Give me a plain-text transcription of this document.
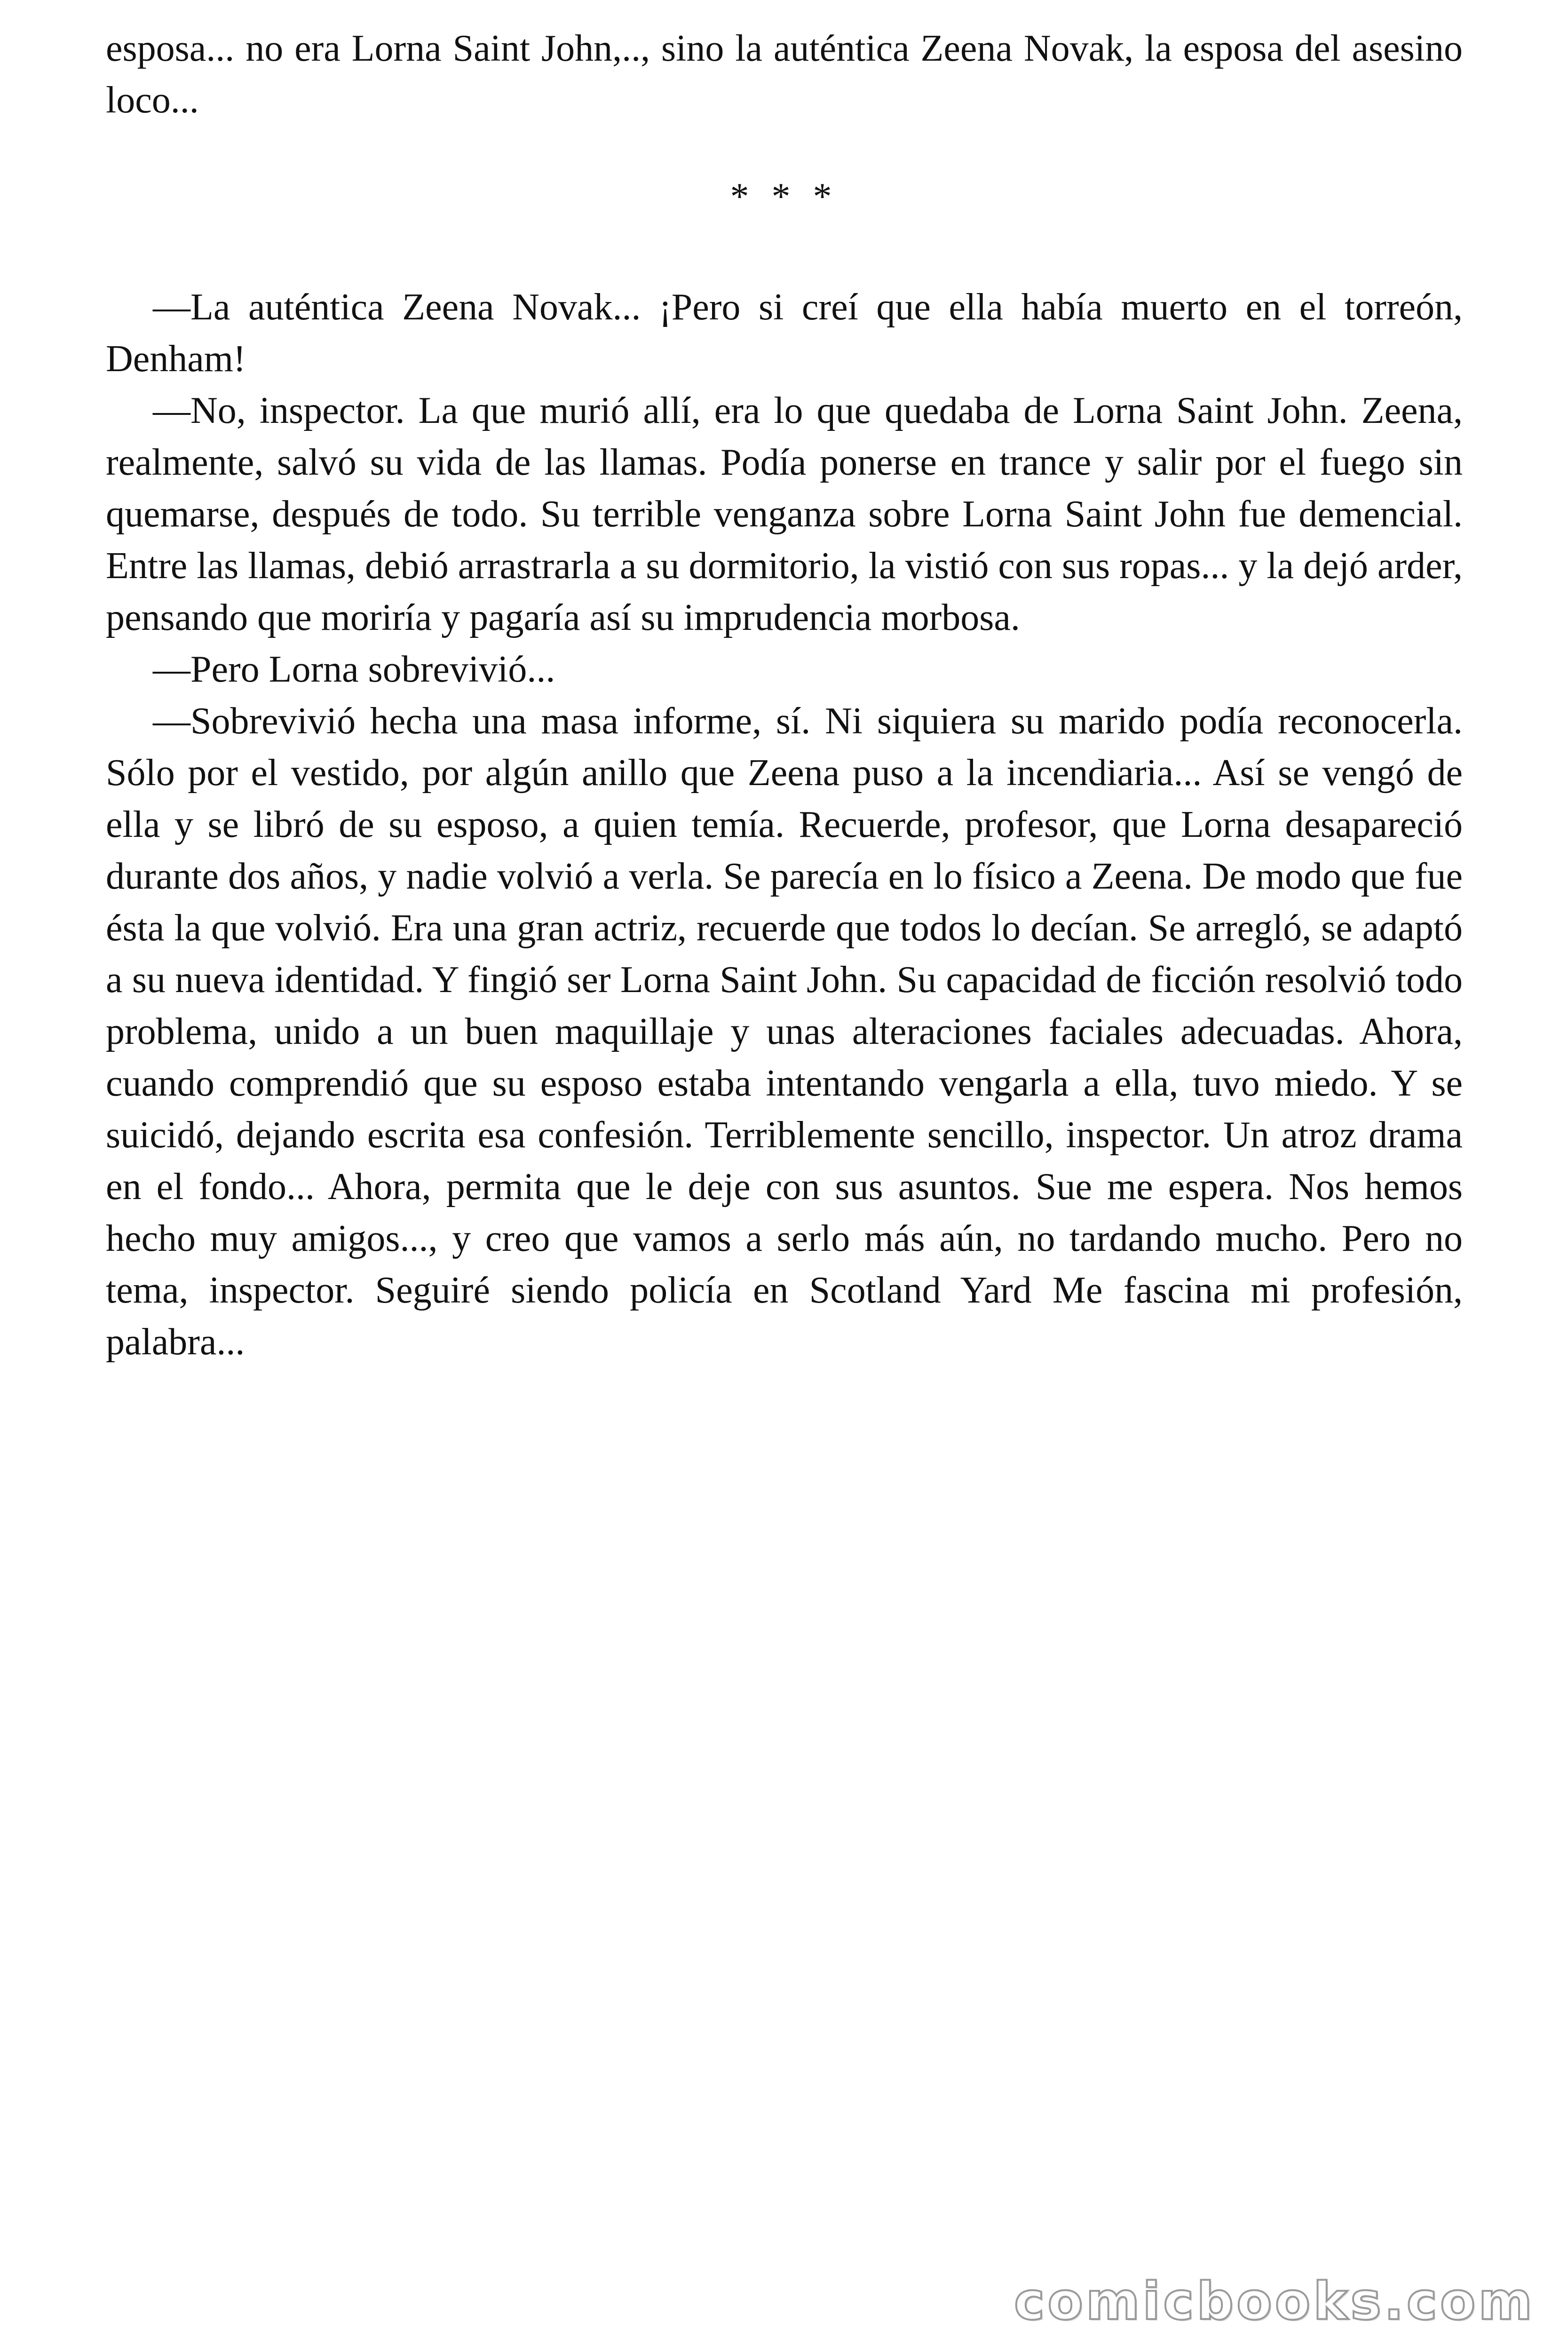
esposa... no era Lorna Saint John,.., sino la auténtica Zeena Novak, la esposa del asesino loco...

* * *

—La auténtica Zeena Novak... ¡Pero si creí que ella había muerto en el torreón, Denham!

—No, inspector. La que murió allí, era lo que quedaba de Lorna Saint John. Zeena, realmente, salvó su vida de las llamas. Podía ponerse en trance y salir por el fuego sin quemarse, después de todo. Su terrible venganza sobre Lorna Saint John fue demencial. Entre las llamas, debió arrastrarla a su dormitorio, la vistió con sus ropas... y la dejó arder, pensando que moriría y pagaría así su imprudencia morbosa.

—Pero Lorna sobrevivió...

—Sobrevivió hecha una masa informe, sí. Ni siquiera su marido podía reconocerla. Sólo por el vestido, por algún anillo que Zeena puso a la incendiaria... Así se vengó de ella y se libró de su esposo, a quien temía. Recuerde, profesor, que Lorna desapareció durante dos años, y nadie volvió a verla. Se parecía en lo físico a Zeena. De modo que fue ésta la que volvió. Era una gran actriz, recuerde que todos lo decían. Se arregló, se adaptó a su nueva identidad. Y fingió ser Lorna Saint John. Su capacidad de ficción resolvió todo problema, unido a un buen maquillaje y unas alteraciones faciales adecuadas. Ahora, cuando comprendió que su esposo estaba intentando vengarla a ella, tuvo miedo. Y se suicidó, dejando escrita esa confesión. Terriblemente sencillo, inspector. Un atroz drama en el fondo... Ahora, permita que le deje con sus asuntos. Sue me espera. Nos hemos hecho muy amigos..., y creo que vamos a serlo más aún, no tardando mucho. Pero no tema, inspector. Seguiré siendo policía en Scotland Yard Me fascina mi profesión, palabra...

comicbooks.com
